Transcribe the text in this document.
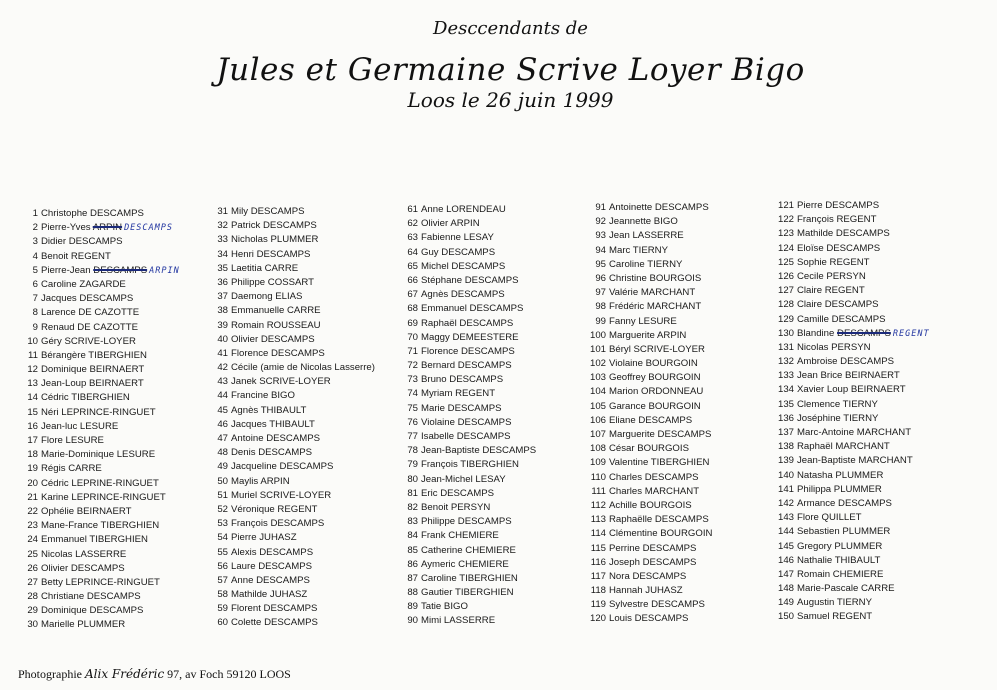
Desccendants de
Jules et Germaine Scrive Loyer Bigo
Loos le 26 juin 1999
1 Christophe DESCAMPS
2 Pierre-Yves ARPIN DESCAMPS
3 Didier DESCAMPS
4 Benoit REGENT
5 Pierre-Jean DESCAMPS ARPIN
6 Caroline ZAGARDE
7 Jacques DESCAMPS
8 Larence DE CAZOTTE
9 Renaud DE CAZOTTE
10 Géry SCRIVE-LOYER
11 Bérangère TIBERGHIEN
12 Dominique BEIRNAERT
13 Jean-Loup BEIRNAERT
14 Cédric TIBERGHIEN
15 Néri LEPRINCE-RINGUET
16 Jean-luc LESURE
17 Flore LESURE
18 Marie-Dominique LESURE
19 Régis CARRE
20 Cédric LEPRINE-RINGUET
21 Karine LEPRINCE-RINGUET
22 Ophélie BEIRNAERT
23 Mane-France TIBERGHIEN
24 Emmanuel TIBERGHIEN
25 Nicolas LASSERRE
26 Olivier DESCAMPS
27 Betty LEPRINCE-RINGUET
28 Christiane DESCAMPS
29 Dominique DESCAMPS
30 Marielle PLUMMER
31 Mily DESCAMPS
32 Patrick DESCAMPS
33 Nicholas PLUMMER
34 Henri DESCAMPS
35 Laetitia CARRE
36 Philippe COSSART
37 Daemong ELIAS
38 Emmanuelle CARRE
39 Romain ROUSSEAU
40 Olivier DESCAMPS
41 Florence DESCAMPS
42 Cécile (amie de Nicolas Lasserre)
43 Janek SCRIVE-LOYER
44 Francine BIGO
45 Agnès THIBAULT
46 Jacques THIBAULT
47 Antoine DESCAMPS
48 Denis DESCAMPS
49 Jacqueline DESCAMPS
50 Maylis ARPIN
51 Muriel SCRIVE-LOYER
52 Véronique REGENT
53 François DESCAMPS
54 Pierre JUHASZ
55 Alexis DESCAMPS
56 Laure DESCAMPS
57 Anne DESCAMPS
58 Mathilde JUHASZ
59 Florent DESCAMPS
60 Colette DESCAMPS
61 Anne LORENDEAU
62 Olivier ARPIN
63 Fabienne LESAY
64 Guy DESCAMPS
65 Michel DESCAMPS
66 Stéphane DESCAMPS
67 Agnès DESCAMPS
68 Emmanuel DESCAMPS
69 Raphaël DESCAMPS
70 Maggy DEMEESTERE
71 Florence DESCAMPS
72 Bernard DESCAMPS
73 Bruno DESCAMPS
74 Myriam REGENT
75 Marie DESCAMPS
76 Violaine DESCAMPS
77 Isabelle DESCAMPS
78 Jean-Baptiste DESCAMPS
79 François TIBERGHIEN
80 Jean-Michel LESAY
81 Eric DESCAMPS
82 Benoit PERSYN
83 Philippe DESCAMPS
84 Frank CHEMIERE
85 Catherine CHEMIERE
86 Aymeric CHEMIERE
87 Caroline TIBERGHIEN
88 Gautier TIBERGHIEN
89 Tatie BIGO
90 Mimi LASSERRE
91 Antoinette DESCAMPS
92 Jeannette BIGO
93 Jean LASSERRE
94 Marc TIERNY
95 Caroline TIERNY
96 Christine BOURGOIS
97 Valérie MARCHANT
98 Frédéric MARCHANT
99 Fanny LESURE
100 Marguerite ARPIN
101 Béryl SCRIVE-LOYER
102 Violaine BOURGOIN
103 Geoffrey BOURGOIN
104 Marion ORDONNEAU
105 Garance BOURGOIN
106 Eliane DESCAMPS
107 Marguerite DESCAMPS
108 César BOURGOIS
109 Valentine TIBERGHIEN
110 Charles DESCAMPS
111 Charles MARCHANT
112 Achille BOURGOIS
113 Raphaëlle DESCAMPS
114 Clémentine BOURGOIN
115 Perrine DESCAMPS
116 Joseph DESCAMPS
117 Nora DESCAMPS
118 Hannah JUHASZ
119 Sylvestre DESCAMPS
120 Louis DESCAMPS
121 Pierre DESCAMPS
122 François REGENT
123 Mathilde DESCAMPS
124 Eloïse DESCAMPS
125 Sophie REGENT
126 Cecile PERSYN
127 Claire REGENT
128 Claire DESCAMPS
129 Camille DESCAMPS
130 Blandine DESCAMPS REGENT
131 Nicolas PERSYN
132 Ambroise DESCAMPS
133 Jean Brice BEIRNAERT
134 Xavier Loup BEIRNAERT
135 Clemence TIERNY
136 Joséphine TIERNY
137 Marc-Antoine MARCHANT
138 Raphaël MARCHANT
139 Jean-Baptiste MARCHANT
140 Natasha PLUMMER
141 Philippa PLUMMER
142 Armance DESCAMPS
143 Flore QUILLET
144 Sebastien PLUMMER
145 Gregory PLUMMER
146 Nathalie THIBAULT
147 Romain CHEMIERE
148 Marie-Pascale CARRE
149 Augustin TIERNY
150 Samuel REGENT
Photographie Alix Frédéric 97, av Foch 59120 LOOS
